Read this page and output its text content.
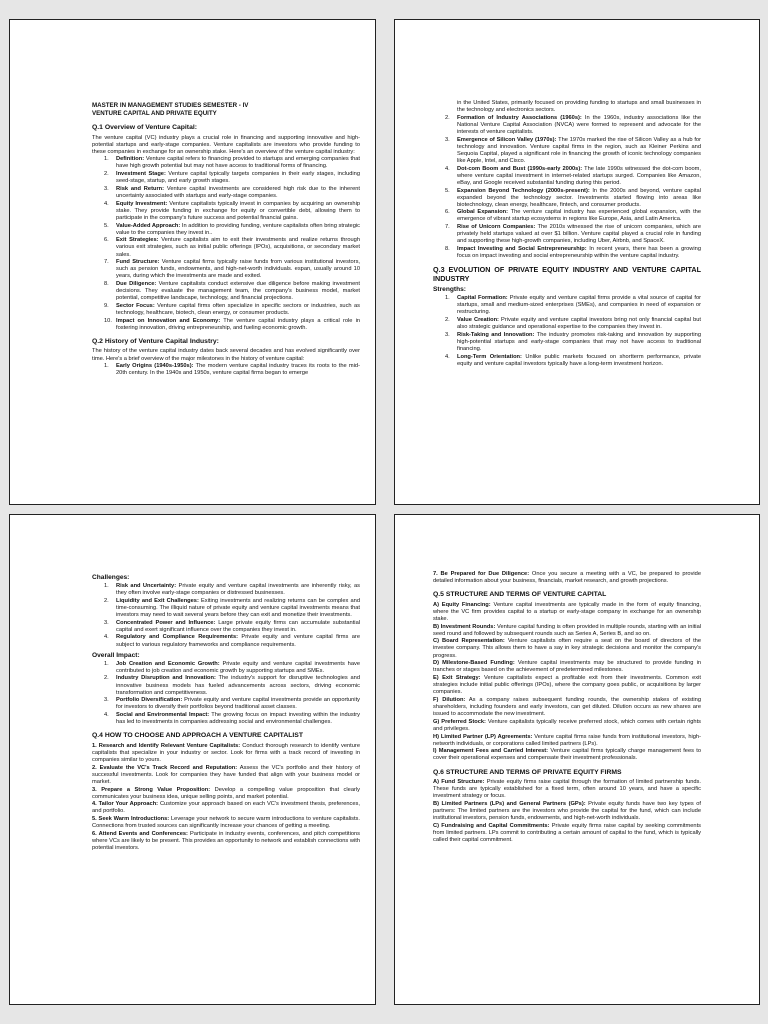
MASTER IN MANAGEMENT STUDIES SEMESTER - IV
VENTURE CAPITAL AND PRIVATE EQUITY
Q.1 Overview of Venture Capital:

The venture capital (VC) industry plays a crucial role in financing and supporting innovative and high-potential startups and early-stage companies. Venture capitalists are investors who provide funding to these companies in exchange for an ownership stake. Here's an overview of the venture capital industry:

1. Definition: Venture capital refers to financing provided to startups and emerging companies that have high growth potential but may not have access to traditional forms of financing.
2. Investment Stage: Venture capital typically targets companies in their early stages, including seed-stage, startup, and early growth stages.
3. Risk and Return: Venture capital investments are considered high risk due to the inherent uncertainty associated with startups and early-stage companies.
4. Equity Investment: Venture capitalists typically invest in companies by acquiring an ownership stake. They provide funding in exchange for equity or convertible debt, allowing them to participate in the company's future success and potential financial gains.
5. Value-Added Approach: In addition to providing funding, venture capitalists often bring strategic value to the companies they invest in..
6. Exit Strategies: Venture capitalists aim to exit their investments and realize returns through various exit strategies, such as initial public offerings (IPOs), acquisitions, or secondary market sales.
7. Fund Structure: Venture capital firms typically raise funds from various institutional investors, such as pension funds, endowments, and high-net-worth individuals. espan, usually around 10 years, during which the investments are made and exited.
8. Due Diligence: Venture capitalists conduct extensive due diligence before making investment decisions. They evaluate the management team, the company's business model, market potential, competitive landscape, technology, and financial projections.
9. Sector Focus: Venture capital firms often specialize in specific sectors or industries, such as technology, healthcare, biotech, clean energy, or consumer products.
10. Impact on Innovation and Economy: The venture capital industry plays a critical role in fostering innovation, driving entrepreneurship, and fueling economic growth.
Q.2 History of Venture Capital Industry:

The history of the venture capital industry dates back several decades and has evolved significantly over time. Here's a brief overview of the major milestones in the history of venture capital:

1. Early Origins (1940s-1950s): The modern venture capital industry traces its roots to the mid-20th century. In the 1940s and 1950s, venture capital firms began to emerge
in the United States, primarily focused on providing funding to startups and small businesses in the technology and electronics sectors.
2. Formation of Industry Associations (1960s): In the 1960s, industry associations like the National Venture Capital Association (NVCA) were formed to represent and advocate for the interests of venture capitalists.
3. Emergence of Silicon Valley (1970s): The 1970s marked the rise of Silicon Valley as a hub for technology and innovation. Venture capital firms in the region, such as Kleiner Perkins and Sequoia Capital, played a significant role in financing the growth of iconic technology companies like Apple, Intel, and Cisco.
4. Dot-com Boom and Bust (1990s-early 2000s): The late 1990s witnessed the dot-com boom, where venture capital investment in internet-related startups surged. Companies like Amazon, eBay, and Google received substantial funding during this period.
5. Expansion Beyond Technology (2000s-present): In the 2000s and beyond, venture capital expanded beyond the technology sector. Investments started flowing into areas like biotechnology, clean energy, healthcare, fintech, and consumer products.
6. Global Expansion: The venture capital industry has experienced global expansion, with the emergence of vibrant startup ecosystems in regions like Europe, Asia, and Latin America.
7. Rise of Unicorn Companies: The 2010s witnessed the rise of unicorn companies, which are privately held startups valued at over $1 billion. Venture capital played a crucial role in funding and supporting these high-growth companies, including Uber, Airbnb, and SpaceX.
8. Impact Investing and Social Entrepreneurship: In recent years, there has been a growing focus on impact investing and social entrepreneurship within the venture capital industry.
Q.3 EVOLUTION OF PRIVATE EQUITY INDUSTRY AND VENTURE CAPITAL INDUSTRY
Strengths:
1. Capital Formation: Private equity and venture capital firms provide a vital source of capital for startups, small and medium-sized enterprises (SMEs), and companies in need of expansion or restructuring.
2. Value Creation: Private equity and venture capital investors bring not only financial capital but also strategic guidance and operational expertise to the companies they invest in.
3. Risk-Taking and Innovation: The industry promotes risk-taking and innovation by supporting high-potential startups and early-stage companies that may not have access to traditional financing.
4. Long-Term Orientation: Unlike public markets focused on shortterm performance, private equity and venture capital investors typically have a long-term investment horizon.
Challenges:
1. Risk and Uncertainty: Private equity and venture capital investments are inherently risky, as they often involve early-stage companies or distressed businesses.
2. Liquidity and Exit Challenges: Exiting investments and realizing returns can be complex and time-consuming. The illiquid nature of private equity and venture capital investments means that investors may need to wait several years before they can exit and monetize their investments.
3. Concentrated Power and Influence: Large private equity firms can accumulate substantial capital and exert significant influence over the companies they invest in.
4. Regulatory and Compliance Requirements: Private equity and venture capital firms are subject to various regulatory frameworks and compliance requirements.
Overall Impact:
1. Job Creation and Economic Growth: Private equity and venture capital investments have contributed to job creation and economic growth by supporting startups and SMEs.
2. Industry Disruption and Innovation: The industry's support for disruptive technologies and innovative business models has fueled advancements across sectors, driving economic transformation and competitiveness.
3. Portfolio Diversification: Private equity and venture capital investments provide an opportunity for investors to diversify their portfolios beyond traditional asset classes.
4. Social and Environmental Impact: The growing focus on impact investing within the industry has led to investments in companies addressing social and environmental challenges.
Q.4 HOW TO CHOOSE AND APPROACH A VENTURE CAPITALIST

1. Research and Identify Relevant Venture Capitalists: Conduct thorough research to identify venture capitalists that specialize in your industry or sector. Look for firms with a track record of investing in companies similar to yours.

2. Evaluate the VC's Track Record and Reputation: Assess the VC's portfolio and their history of successful investments. Look for companies they have funded that align with your business model or market.

3. Prepare a Strong Value Proposition: Develop a compelling value proposition that clearly communicates your business idea, unique selling points, and market potential.

4. Tailor Your Approach: Customize your approach based on each VC's investment thesis, preferences, and portfolio.

5. Seek Warm Introductions: Leverage your network to secure warm introductions to venture capitalists. Connections from trusted sources can significantly increase your chances of getting a meeting.

6. Attend Events and Conferences: Participate in industry events, conferences, and pitch competitions where VCs are likely to be present. This provides an opportunity to network and establish connections with potential investors.

7. Be Prepared for Due Diligence: Once you secure a meeting with a VC, be prepared to provide detailed information about your business, financials, market research, and growth projections.

Q.5 STRUCTURE AND TERMS OF VENTURE CAPITAL

A) Equity Financing: Venture capital investments are typically made in the form of equity financing, where the VC firm provides capital to a startup or early-stage company in exchange for an ownership stake.

B) Investment Rounds: Venture capital funding is often provided in multiple rounds, starting with an initial seed round and followed by subsequent rounds such as Series A, Series B, and so on.

C) Board Representation: Venture capitalists often require a seat on the board of directors of the investee company. This allows them to have a say in key strategic decisions and monitor the company's progress.

D) Milestone-Based Funding: Venture capital investments may be structured to provide funding in tranches or stages based on the achievement of predetermined milestones.

E) Exit Strategy: Venture capitalists expect a profitable exit from their investments. Common exit strategies include initial public offerings (IPOs), where the company goes public, or acquisitions by larger companies.

F) Dilution: As a company raises subsequent funding rounds, the ownership stakes of existing shareholders, including founders and early investors, can get diluted. Dilution occurs as new shares are issued to accommodate the new investment.

G) Preferred Stock: Venture capitalists typically receive preferred stock, which comes with certain rights and privileges.

H) Limited Partner (LP) Agreements: Venture capital firms raise funds from institutional investors, high-networth individuals, or corporations called limited partners (LPs).

I) Management Fees and Carried Interest: Venture capital firms typically charge management fees to cover their operational expenses and compensate their investment professionals.

Q.6 STRUCTURE AND TERMS OF PRIVATE EQUITY FIRMS

A) Fund Structure: Private equity firms raise capital through the formation of limited partnership funds. These funds are typically established for a fixed term, often around 10 years, and have a specific investment strategy or focus.

B) Limited Partners (LPs) and General Partners (GPs): Private equity funds have two key types of partners: The limited partners are the investors who provide the capital for the fund, which can include institutional investors, pension funds, endowments, and high-net-worth individuals.

C) Fundraising and Capital Commitments: Private equity firms raise capital by seeking commitments from limited partners. LPs commit to contributing a certain amount of capital to the fund, which is typically called their capital commitment.
